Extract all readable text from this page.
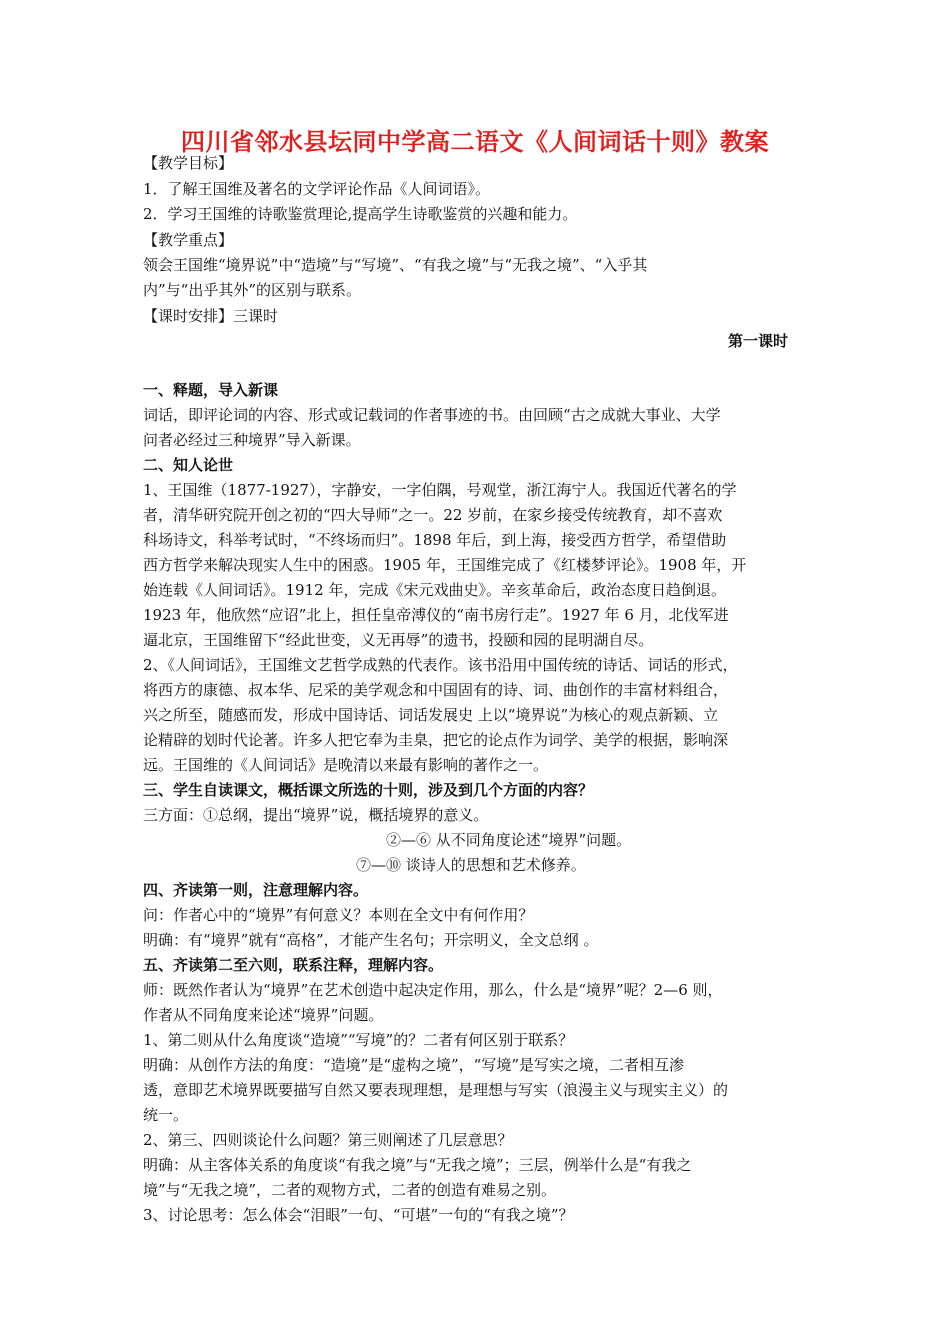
四川省邻水县坛同中学高二语文《人间词话十则》教案
【教学目标】
1．了解王国维及著名的文学评论作品《人间词语》。
2．学习王国维的诗歌鉴赏理论,提高学生诗歌鉴赏的兴趣和能力。
【教学重点】
领会王国维“境界说”中“造境”与“写境”、“有我之境”与“无我之境”、“入乎其
内”与“出乎其外”的区别与联系。
【课时安排】三课时
第一课时
一、释题，导入新课
词话，即评论词的内容、形式或记载词的作者事迹的书。由回顾“古之成就大事业、大学
问者必经过三种境界”导入新课。
二、知人论世
1、王国维（1877-1927），字静安，一字伯隅，号观堂，浙江海宁人。我国近代著名的学
者，清华研究院开创之初的“四大导师”之一。22 岁前，在家乡接受传统教育，却不喜欢
科场诗文，科举考试时，“不终场而归”。1898 年后，到上海，接受西方哲学，希望借助
西方哲学来解决现实人生中的困惑。1905 年，王国维完成了《红楼梦评论》。1908 年，开
始连载《人间词话》。1912 年，完成《宋元戏曲史》。辛亥革命后，政治态度日趋倒退。
1923 年，他欣然“应诏”北上，担任皇帝溥仪的“南书房行走”。1927 年 6 月，北伐军进
逼北京，王国维留下“经此世变，义无再辱”的遗书，投颐和园的昆明湖自尽。
2、《人间词话》，王国维文艺哲学成熟的代表作。该书沿用中国传统的诗话、词话的形式，
将西方的康德、叔本华、尼采的美学观念和中国固有的诗、词、曲创作的丰富材料组合，
兴之所至，随感而发，形成中国诗话、词话发展史 上以“境界说”为核心的观点新颖、立
论精辟的划时代论著。许多人把它奉为圭臬，把它的论点作为词学、美学的根据，影响深
远。王国维的《人间词话》是晚清以来最有影响的著作之一。
三、学生自读课文，概括课文所选的十则，涉及到几个方面的内容？
三方面：①总纲，提出“境界”说，概括境界的意义。
②—⑥ 从不同角度论述“境界”问题。
⑦—⑩ 谈诗人的思想和艺术修养。
四、齐读第一则，注意理解内容。
问：作者心中的“境界”有何意义？本则在全文中有何作用？
明确：有“境界”就有“高格”，才能产生名句；开宗明义，全文总纲 。
五、齐读第二至六则，联系注释，理解内容。
师：既然作者认为“境界”在艺术创造中起决定作用，那么，什么是“境界”呢？2—6 则，
作者从不同角度来论述“境界”问题。
1、第二则从什么角度谈“造境”“写境”的？二者有何区别于联系？
明确：从创作方法的角度：“造境”是“虚构之境”，“写境”是写实之境，二者相互渗
透，意即艺术境界既要描写自然又要表现理想，是理想与写实（浪漫主义与现实主义）的
统一。
2、第三、四则谈论什么问题？第三则阐述了几层意思？
明确：从主客体关系的角度谈“有我之境”与“无我之境”；三层，例举什么是“有我之
境”与“无我之境”，二者的观物方式，二者的创造有难易之别。
3、讨论思考：怎么体会“泪眼”一句、“可堪”一句的“有我之境”？
